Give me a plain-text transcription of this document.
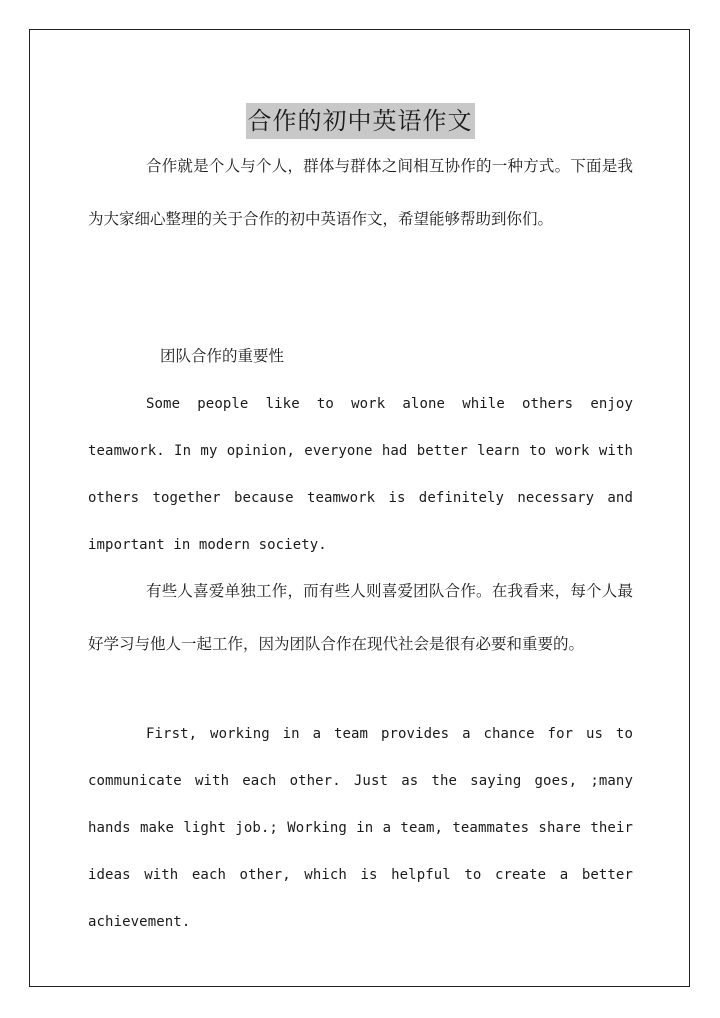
合作的初中英语作文

合作就是个人与个人，群体与群体之间相互协作的一种方式。下面是我为大家细心整理的关于合作的初中英语作文，希望能够帮助到你们。

团队合作的重要性

Some people like to work alone while others enjoy teamwork. In my opinion, everyone had better learn to work with others together because teamwork is definitely necessary and important in modern society.

有些人喜爱单独工作，而有些人则喜爱团队合作。在我看来，每个人最好学习与他人一起工作，因为团队合作在现代社会是很有必要和重要的。

First, working in a team provides a chance for us to communicate with each other. Just as the saying goes, ;many hands make light job.; Working in a team, teammates share their ideas with each other, which is helpful to create a better achievement.
